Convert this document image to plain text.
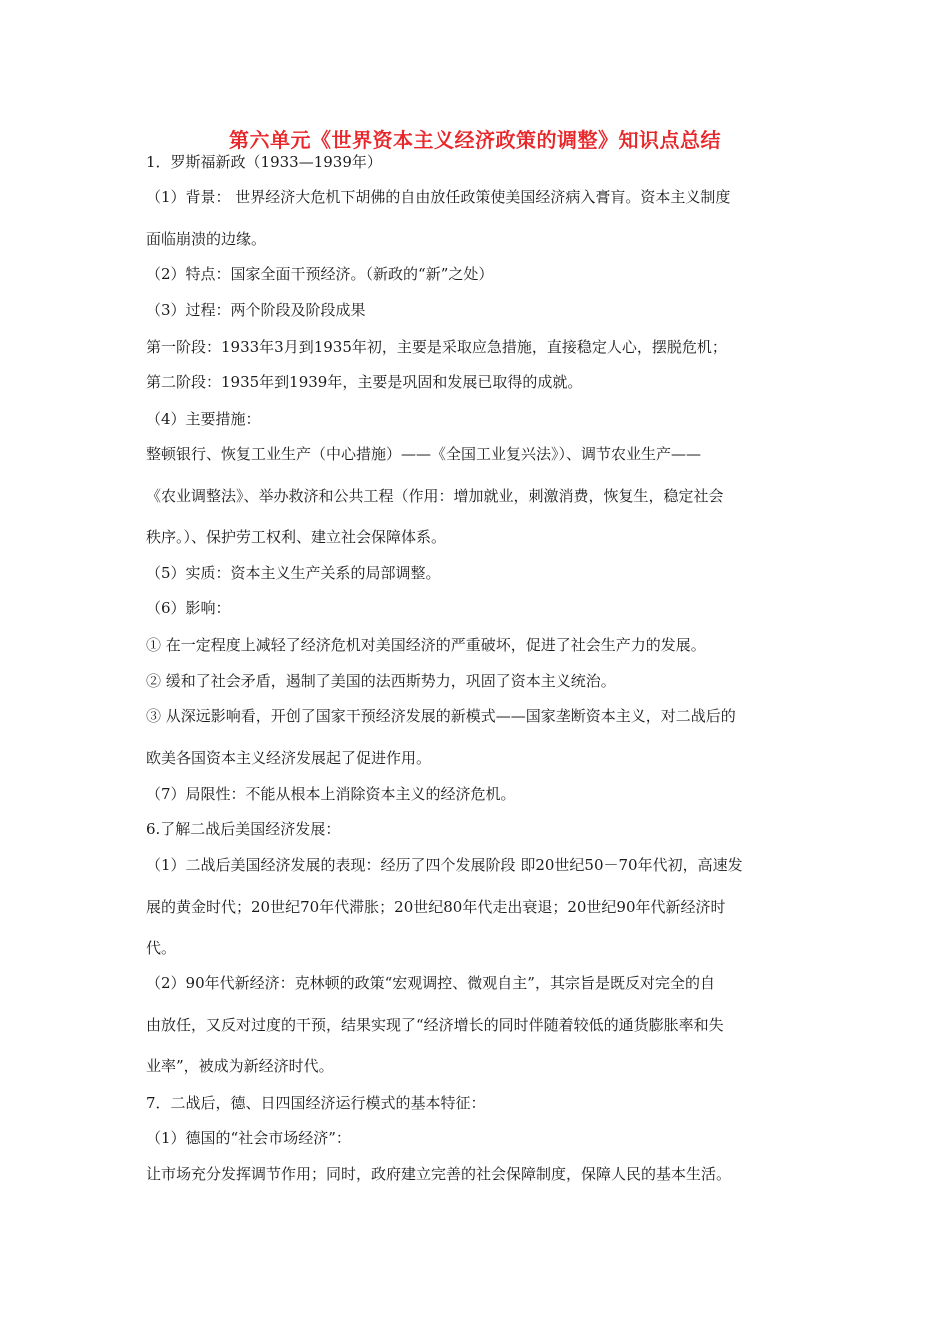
第六单元《世界资本主义经济政策的调整》知识点总结
1．罗斯福新政（1933—1939年）
（1）背景： 世界经济大危机下胡佛的自由放任政策使美国经济病入膏肓。资本主义制度
面临崩溃的边缘。
（2）特点：国家全面干预经济。（新政的“新”之处）
（3）过程：两个阶段及阶段成果
第一阶段：1933年3月到1935年初，主要是采取应急措施，直接稳定人心，摆脱危机；
第二阶段：1935年到1939年，主要是巩固和发展已取得的成就。
（4）主要措施：
整顿银行、恢复工业生产（中心措施）——《全国工业复兴法》）、调节农业生产——
《农业调整法》、举办救济和公共工程（作用：增加就业，刺激消费，恢复生，稳定社会
秩序。）、保护劳工权利、建立社会保障体系。
（5）实质：资本主义生产关系的局部调整。
（6）影响：
① 在一定程度上减轻了经济危机对美国经济的严重破坏，促进了社会生产力的发展。
② 缓和了社会矛盾，遏制了美国的法西斯势力，巩固了资本主义统治。
③ 从深远影响看，开创了国家干预经济发展的新模式——国家垄断资本主义，对二战后的
欧美各国资本主义经济发展起了促进作用。
（7）局限性：不能从根本上消除资本主义的经济危机。
6.了解二战后美国经济发展：
（1）二战后美国经济发展的表现：经历了四个发展阶段 即20世纪50－70年代初，高速发
展的黄金时代；20世纪70年代滞胀；20世纪80年代走出衰退；20世纪90年代新经济时
代。
（2）90年代新经济：克林顿的政策“宏观调控、微观自主”，其宗旨是既反对完全的自
由放任，又反对过度的干预，结果实现了“经济增长的同时伴随着较低的通货膨胀率和失
业率”，被成为新经济时代。
7．二战后，德、日四国经济运行模式的基本特征：
（1）德国的“社会市场经济”：
让市场充分发挥调节作用；同时，政府建立完善的社会保障制度，保障人民的基本生活。
